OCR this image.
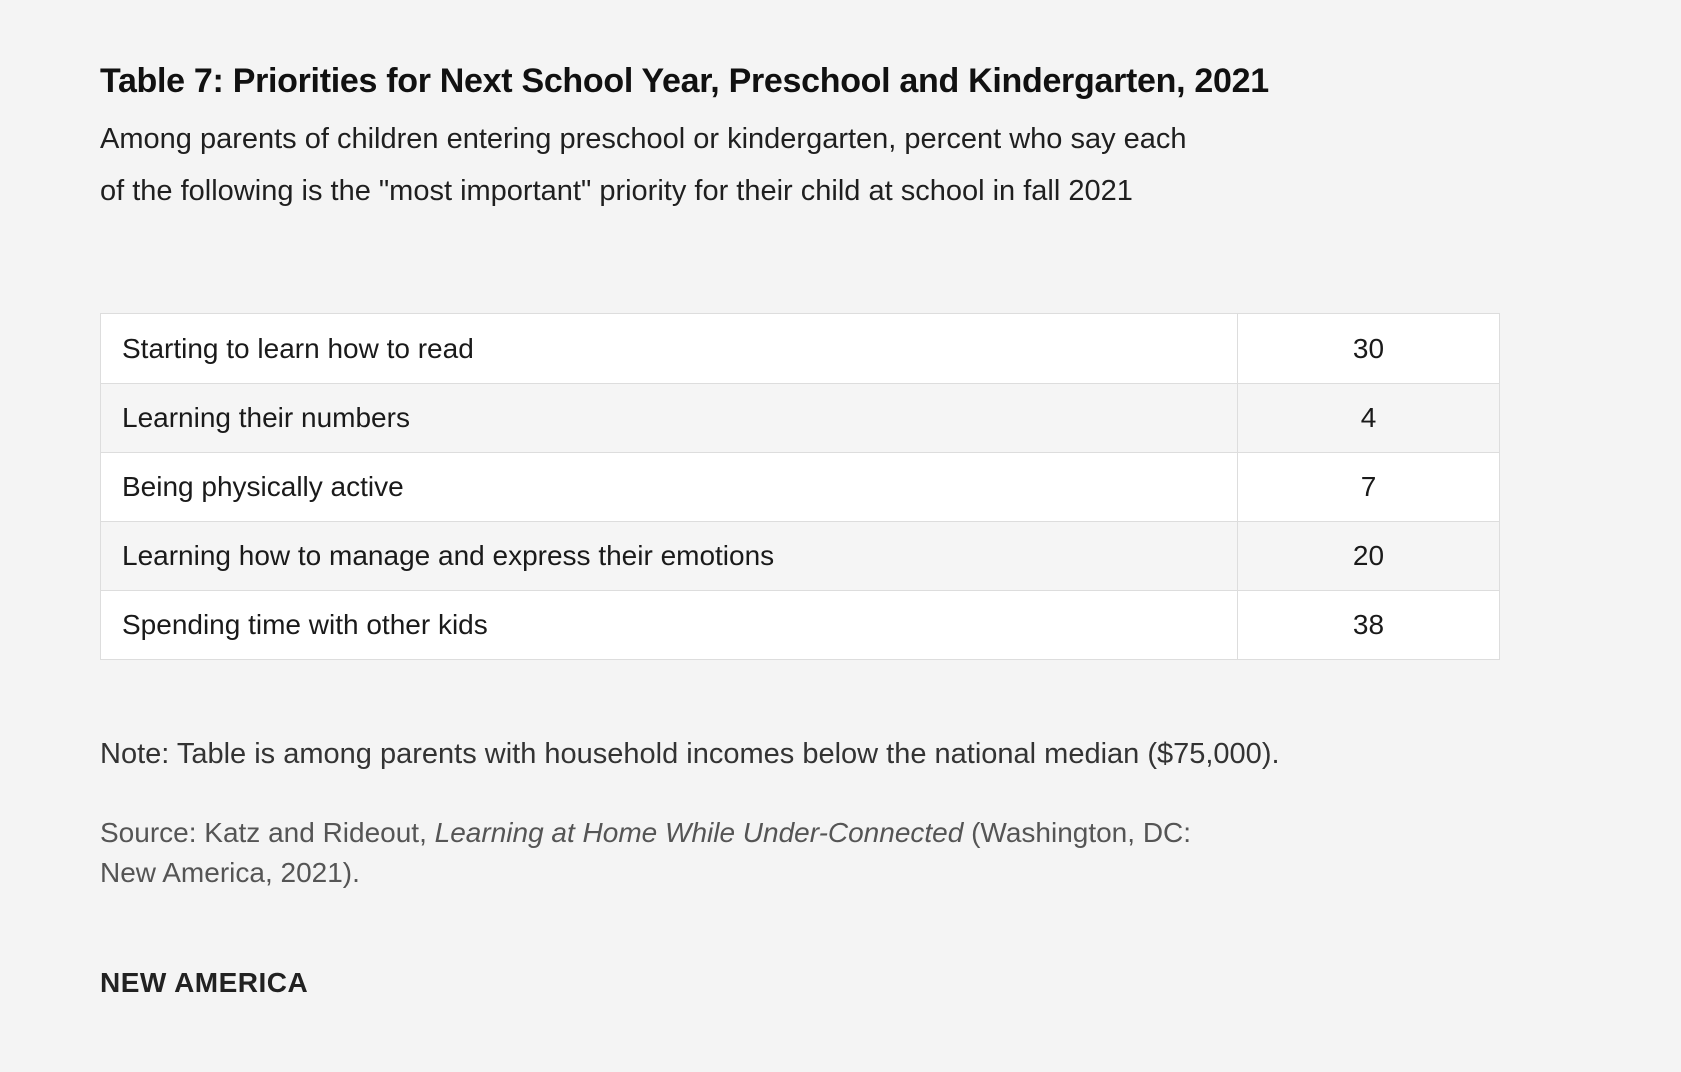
Table 7: Priorities for Next School Year, Preschool and Kindergarten, 2021

Among parents of children entering preschool or kindergarten, percent who say each
of the following is the "most important" priority for their child at school in fall 2021

Starting to learn how to read	30
Learning their numbers	4
Being physically active	7
Learning how to manage and express their emotions	20
Spending time with other kids	38

Note: Table is among parents with household incomes below the national median ($75,000).

Source: Katz and Rideout, Learning at Home While Under-Connected (Washington, DC:
New America, 2021).

NEW AMERICA
